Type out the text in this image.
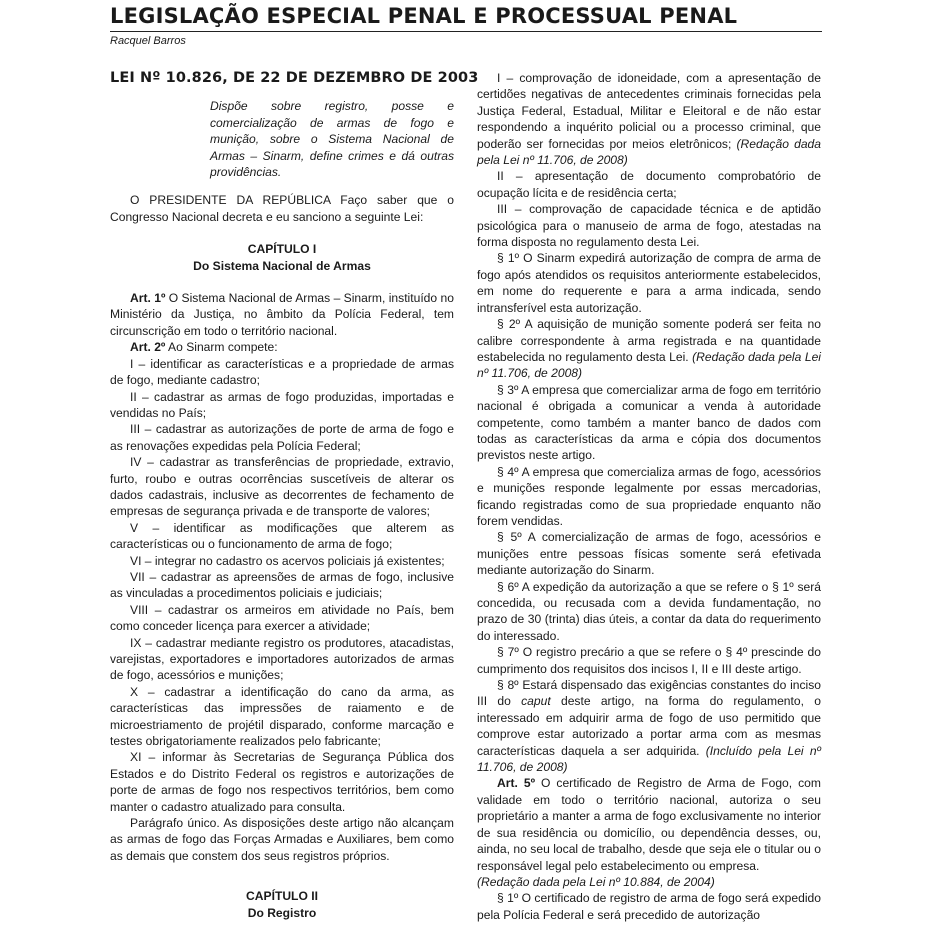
LEGISLAÇÃO ESPECIAL PENAL E PROCESSUAL PENAL
Racquel Barros

LEI Nº 10.826, DE 22 DE DEZEMBRO DE 2003

Dispõe sobre registro, posse e comercialização de armas de fogo e munição, sobre o Sistema Nacional de Armas – Sinarm, define crimes e dá outras providências.

O PRESIDENTE DA REPÚBLICA Faço saber que o Congresso Nacional decreta e eu sanciono a seguinte Lei:

CAPÍTULO I

Do Sistema Nacional de Armas

Art. 1º O Sistema Nacional de Armas – Sinarm, instituído no Ministério da Justiça, no âmbito da Polícia Federal, tem circunscrição em todo o território nacional.

Art. 2º Ao Sinarm compete:

I – identificar as características e a propriedade de armas de fogo, mediante cadastro;

II – cadastrar as armas de fogo produzidas, importadas e vendidas no País;

III – cadastrar as autorizações de porte de arma de fogo e as renovações expedidas pela Polícia Federal;

IV – cadastrar as transferências de propriedade, extravio, furto, roubo e outras ocorrências suscetíveis de alterar os dados cadastrais, inclusive as decorrentes de fechamento de empresas de segurança privada e de transporte de valores;

V – identificar as modificações que alterem as características ou o funcionamento de arma de fogo;

VI – integrar no cadastro os acervos policiais já existentes;

VII – cadastrar as apreensões de armas de fogo, inclusive as vinculadas a procedimentos policiais e judiciais;

VIII – cadastrar os armeiros em atividade no País, bem como conceder licença para exercer a atividade;

IX – cadastrar mediante registro os produtores, atacadistas, varejistas, exportadores e importadores autorizados de armas de fogo, acessórios e munições;

X – cadastrar a identificação do cano da arma, as características das impressões de raiamento e de microestriamento de projétil disparado, conforme marcação e testes obrigatoriamente realizados pelo fabricante;

XI – informar às Secretarias de Segurança Pública dos Estados e do Distrito Federal os registros e autorizações de porte de armas de fogo nos respectivos territórios, bem como manter o cadastro atualizado para consulta.

Parágrafo único. As disposições deste artigo não alcançam as armas de fogo das Forças Armadas e Auxiliares, bem como as demais que constem dos seus registros próprios.

CAPÍTULO II

Do Registro

I – comprovação de idoneidade, com a apresentação de certidões negativas de antecedentes criminais fornecidas pela Justiça Federal, Estadual, Militar e Eleitoral e de não estar respondendo a inquérito policial ou a processo criminal, que poderão ser fornecidas por meios eletrônicos; (Redação dada pela Lei nº 11.706, de 2008)

II – apresentação de documento comprobatório de ocupação lícita e de residência certa;

III – comprovação de capacidade técnica e de aptidão psicológica para o manuseio de arma de fogo, atestadas na forma disposta no regulamento desta Lei.

§ 1º O Sinarm expedirá autorização de compra de arma de fogo após atendidos os requisitos anteriormente estabelecidos, em nome do requerente e para a arma indicada, sendo intransferível esta autorização.

§ 2º A aquisição de munição somente poderá ser feita no calibre correspondente à arma registrada e na quantidade estabelecida no regulamento desta Lei. (Redação dada pela Lei nº 11.706, de 2008)

§ 3º A empresa que comercializar arma de fogo em território nacional é obrigada a comunicar a venda à autoridade competente, como também a manter banco de dados com todas as características da arma e cópia dos documentos previstos neste artigo.

§ 4º A empresa que comercializa armas de fogo, acessórios e munições responde legalmente por essas mercadorias, ficando registradas como de sua propriedade enquanto não forem vendidas.

§ 5º A comercialização de armas de fogo, acessórios e munições entre pessoas físicas somente será efetivada mediante autorização do Sinarm.

§ 6º A expedição da autorização a que se refere o § 1º será concedida, ou recusada com a devida fundamentação, no prazo de 30 (trinta) dias úteis, a contar da data do requerimento do interessado.

§ 7º O registro precário a que se refere o § 4º prescinde do cumprimento dos requisitos dos incisos I, II e III deste artigo.

§ 8º Estará dispensado das exigências constantes do inciso III do caput deste artigo, na forma do regulamento, o interessado em adquirir arma de fogo de uso permitido que comprove estar autorizado a portar arma com as mesmas características daquela a ser adquirida. (Incluído pela Lei nº 11.706, de 2008)

Art. 5º O certificado de Registro de Arma de Fogo, com validade em todo o território nacional, autoriza o seu proprietário a manter a arma de fogo exclusivamente no interior de sua residência ou domicílio, ou dependência desses, ou, ainda, no seu local de trabalho, desde que seja ele o titular ou o responsável legal pelo estabelecimento ou empresa.

(Redação dada pela Lei nº 10.884, de 2004)

§ 1º O certificado de registro de arma de fogo será expedido pela Polícia Federal e será precedido de autorização
